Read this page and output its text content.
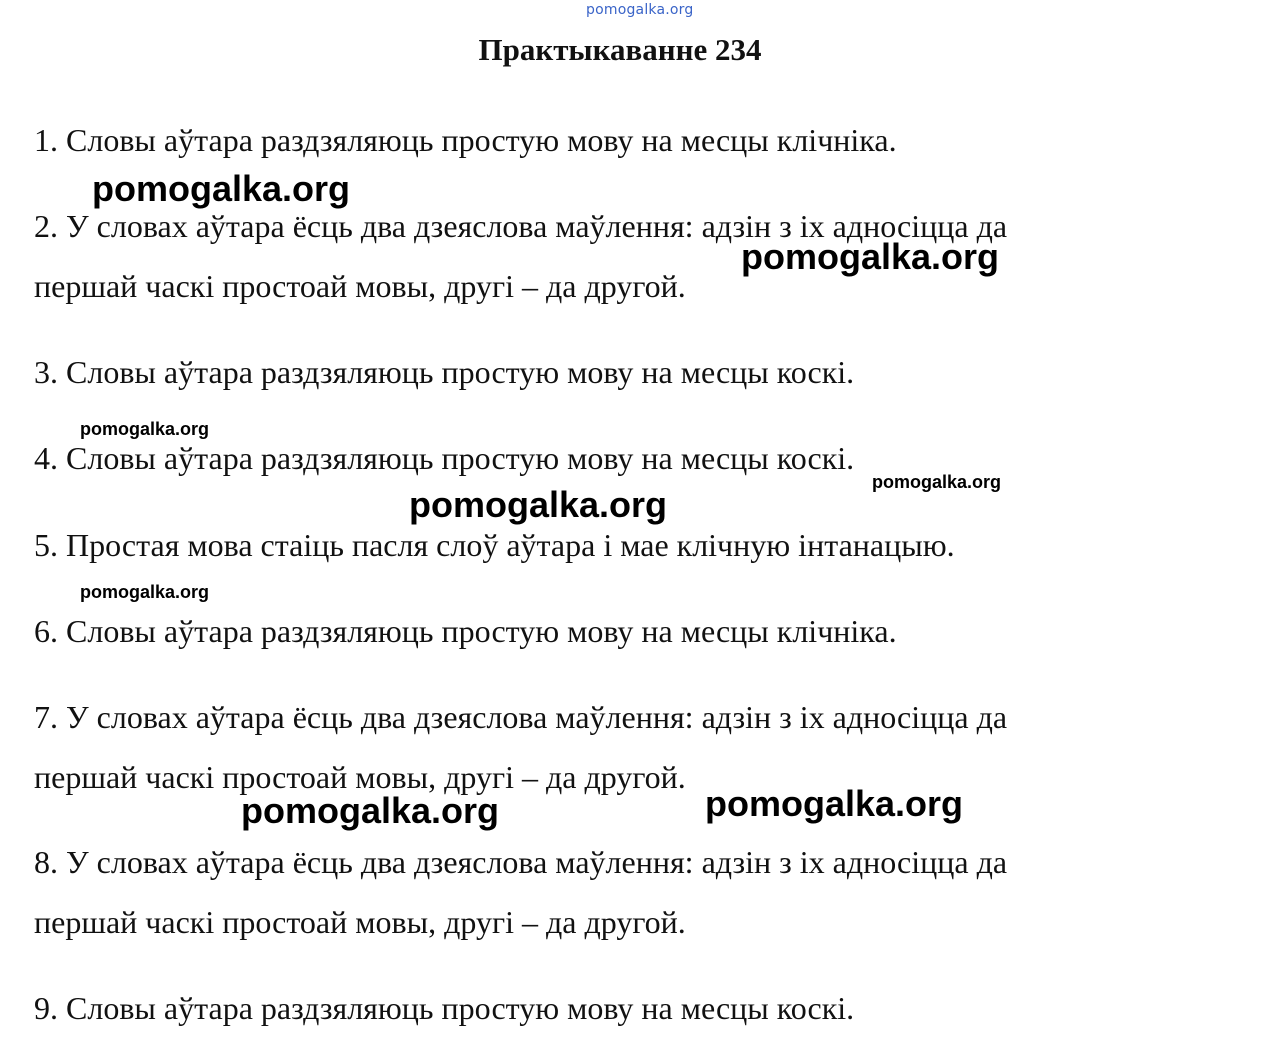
pomogalka.org
Практыкаванне 234

1. Словы аўтара раздзяляюць простую мову на месцы клічніка.

2. У словах аўтара ёсць два дзеяслова маўлення: адзін з іх адносіцца да
першай часкі простоай мовы, другі – да другой.

3. Словы аўтара раздзяляюць простую мову на месцы коскі.

4. Словы аўтара раздзяляюць простую мову на месцы коскі.

5. Простая мова стаіць пасля слоў аўтара і мае клічную інтанацыю.

6. Словы аўтара раздзяляюць простую мову на месцы клічніка.

7. У словах аўтара ёсць два дзеяслова маўлення: адзін з іх адносіцца да
першай часкі простоай мовы, другі – да другой.

8. У словах аўтара ёсць два дзеяслова маўлення: адзін з іх адносіцца да
першай часкі простоай мовы, другі – да другой.

9. Словы аўтара раздзяляюць простую мову на месцы коскі.

pomogalka.org
pomogalka.org
pomogalka.org
pomogalka.org
pomogalka.org
pomogalka.org
pomogalka.org
pomogalka.org
